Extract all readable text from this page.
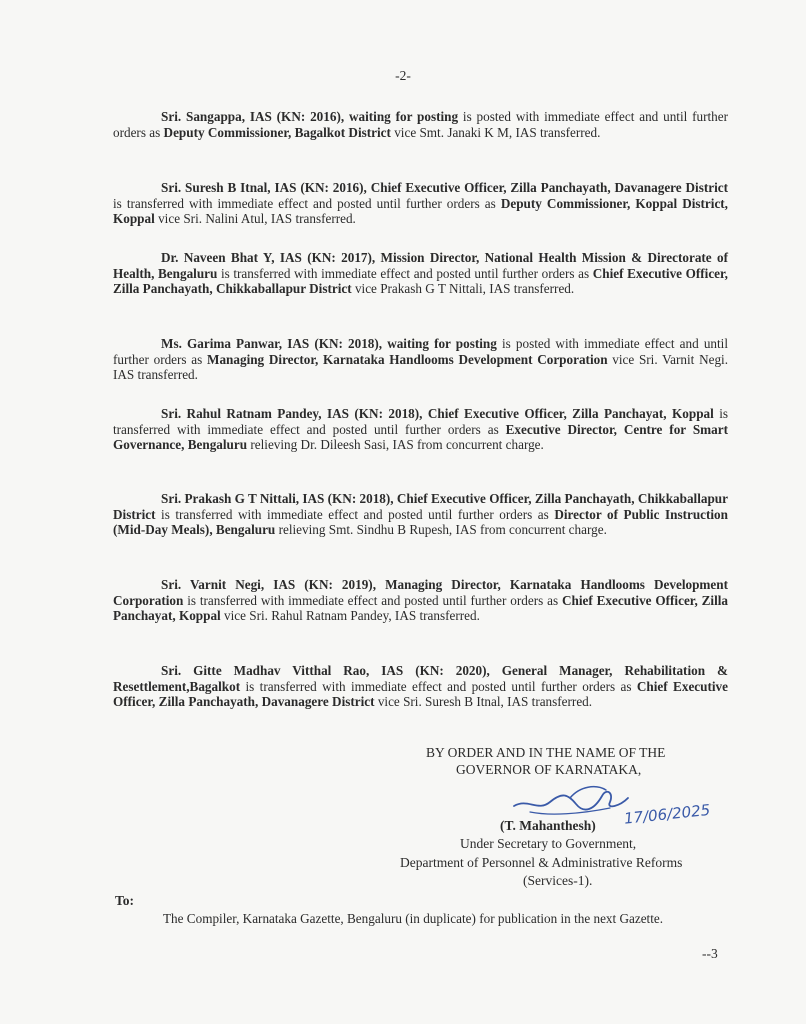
-2-

Sri. Sangappa, IAS (KN: 2016), waiting for posting is posted with immediate effect and until further orders as Deputy Commissioner, Bagalkot District vice Smt. Janaki K M, IAS transferred.

Sri. Suresh B Itnal, IAS (KN: 2016), Chief Executive Officer, Zilla Panchayath, Davanagere District is transferred with immediate effect and posted until further orders as Deputy Commissioner, Koppal District, Koppal vice Sri. Nalini Atul, IAS transferred.

Dr. Naveen Bhat Y, IAS (KN: 2017), Mission Director, National Health Mission & Directorate of Health, Bengaluru is transferred with immediate effect and posted until further orders as Chief Executive Officer, Zilla Panchayath, Chikkaballapur District vice Prakash G T Nittali, IAS transferred.

Ms. Garima Panwar, IAS (KN: 2018), waiting for posting is posted with immediate effect and until further orders as Managing Director, Karnataka Handlooms Development Corporation vice Sri. Varnit Negi. IAS transferred.

Sri. Rahul Ratnam Pandey, IAS (KN: 2018), Chief Executive Officer, Zilla Panchayat, Koppal is transferred with immediate effect and posted until further orders as Executive Director, Centre for Smart Governance, Bengaluru relieving Dr. Dileesh Sasi, IAS from concurrent charge.

Sri. Prakash G T Nittali, IAS (KN: 2018), Chief Executive Officer, Zilla Panchayath, Chikkaballapur District is transferred with immediate effect and posted until further orders as Director of Public Instruction (Mid-Day Meals), Bengaluru relieving Smt. Sindhu B Rupesh, IAS from concurrent charge.

Sri. Varnit Negi, IAS (KN: 2019), Managing Director, Karnataka Handlooms Development Corporation is transferred with immediate effect and posted until further orders as Chief Executive Officer, Zilla Panchayat, Koppal vice Sri. Rahul Ratnam Pandey, IAS transferred.

Sri. Gitte Madhav Vitthal Rao, IAS (KN: 2020), General Manager, Rehabilitation & Resettlement,Bagalkot is transferred with immediate effect and posted until further orders as Chief Executive Officer, Zilla Panchayath, Davanagere District vice Sri. Suresh B Itnal, IAS transferred.

BY ORDER AND IN THE NAME OF THE
GOVERNOR OF KARNATAKA,
17/06/2025
(T. Mahanthesh)
Under Secretary to Government,
Department of Personnel & Administrative Reforms
(Services-1).
To:

The Compiler, Karnataka Gazette, Bengaluru (in duplicate) for publication in the next Gazette.

--3
